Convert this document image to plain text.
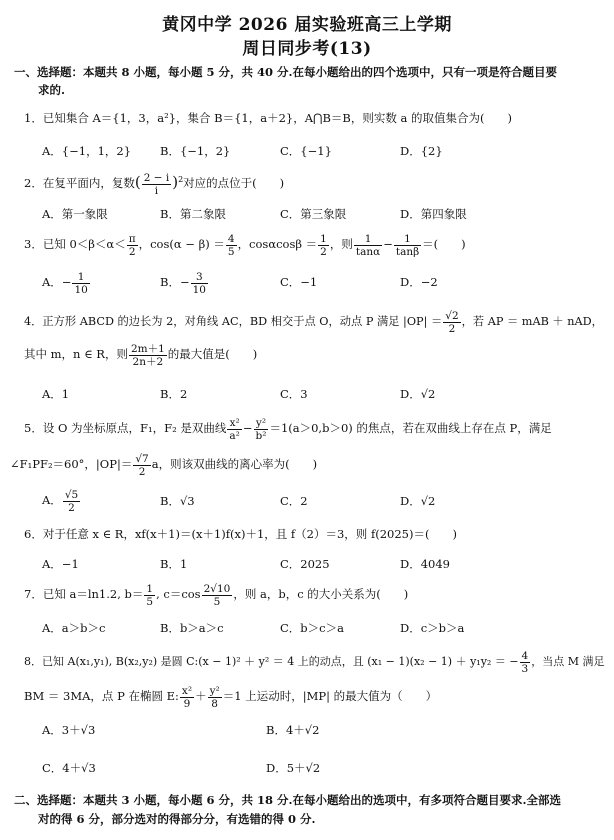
黄冈中学 2026 届实验班高三上学期
周日同步考(13)
一、选择题：本题共 8 小题，每小题 5 分，共 40 分.在每小题给出的四个选项中，只有一项是符合题目要
求的.
1．已知集合 A＝{1，3，a²}，集合 B＝{1，a＋2}，A⋂B＝B，则实数 a 的取值集合为(　　)
A．{−1，1，2}	B．{−1，2}	C．{−1}	D．{2}
2．在复平面内，复数( $\frac{2 - i}{i} )^2$对应的点位于(　　)
A．第一象限	B．第二象限	C．第三象限	D．第四象限
3．已知 $0<\beta<\alpha< \frac{\pi}{2}$ ，$\cos(\alpha - \beta) = \frac{4}{5}$ ，$\cos\alpha\cos\beta = \frac{1}{2}$ ，则 $\frac{1}{\tan\alpha} - \frac{1}{\tan\beta}$ ＝(　　)
A．− $\frac{1}{10}$	B．− $\frac{3}{10}$	C．−1	D．−2
4．正方形 ABCD 的边长为 2，对角线 AC，BD 相交于点 O，动点 P 满足 $|OP| = \frac{√2}{2}$ ，若 AP ＝ mAB ＋ nAD，
其中 m，n ∈ R，则 $\frac{2m+1}{2n+2}$ 的最大值是(　　)
A．1	B．2	C．3	D．√2
5．设 O 为坐标原点，F₁，F₂ 是双曲线 $\frac{\text{x²}}{\text{a²}} - \frac{\text{y²}}{\text{b²}} =1(a>0,b>0)$ 的焦点，若在双曲线上存在点 P，满足
∠F₁PF₂＝60°，$|OP|= \frac{√7}{2}$ a，则该双曲线的离心率为(　　)
A． $\frac{√5}{2}$	B．√3	C．2	D．√2
6．对于任意 x ∈ R，xf(x＋1)＝(x＋1)f(x)＋1，且 f（2）＝3，则 f(2025)＝(　　)
A．−1	B．1	C．2025	D．4049
7．已知 a＝ln1.2, $b= \frac{1}{5}$ , $c=\cos \frac{2√10}{5}$ ，则 a，b，c 的大小关系为(　　)
A．a＞b＞c	B．b＞a＞c	C．b＞c＞a	D．c＞b＞a
8．已知 A(x₁,y₁), B(x₂,y₂) 是圆 C:(x − 1)² ＋ y² ＝ 4 上的动点，且 (x₁ − 1)(x₂ − 1) ＋ y₁y₂ ＝ − $\frac{4}{3}$ ，当点 M 满足
BM ＝ 3MA，点 P 在椭圆 E: $\frac{\text{x²}}{9} + \frac{\text{y²}}{8} =1$ 上运动时，|MP| 的最大值为（　　）
A．3＋√3	B．4＋√2
C．4＋√3	D．5＋√2
二、选择题：本题共 3 小题，每小题 6 分，共 18 分.在每小题给出的选项中，有多项符合题目要求.全部选
对的得 6 分，部分选对的得部分分，有选错的得 0 分.
